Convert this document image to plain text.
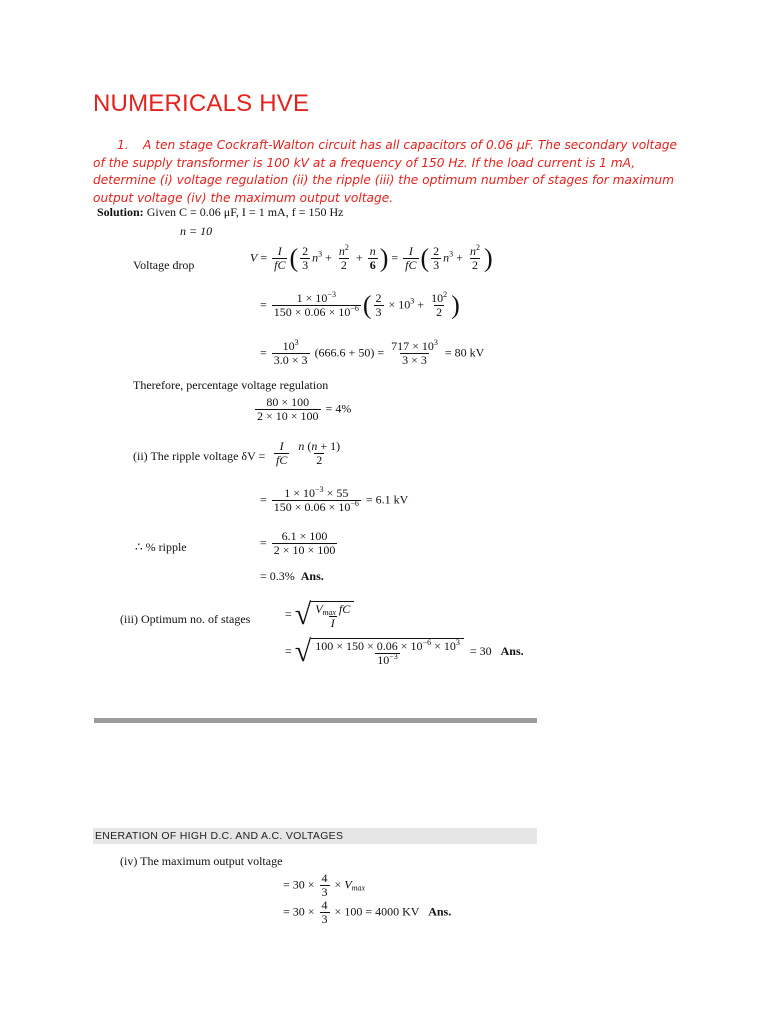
NUMERICALS HVE
1. A ten stage Cockraft-Walton circuit has all capacitors of 0.06 μF. The secondary voltage
of the supply transformer is 100 kV at a frequency of 150 Hz. If the load current is 1 mA, determine (i) voltage regulation (ii) the ripple (iii) the optimum number of stages for maximum output voltage (iv) the maximum output voltage.
Solution: Given C = 0.06 μF, I = 1 mA, f = 150 Hz
n = 10
Voltage drop
$V = \frac{I}{fC}$ ( $\frac{2}{3} n^3 + \frac{n^2}{2} + \frac{n}{6}$ ) = $\frac{I}{fC}$ ( $\frac{2}{3} n^3 + \frac{n^2}{2}$ )
= $\frac{1 \times 10^{-3}}{150 \times 0.06 \times 10^{-6}}$ ( $\frac{2}{3} \times 10^3 + \frac{10^2}{2}$ )
= $\frac{10^3}{3.0 \times 3} (666.6 + 50) = \frac{717 \times 10^3}{3 \times 3} = 80$ kV
Therefore, percentage voltage regulation
$\frac{80 \times 100}{2 \times 10 \times 100} = 4\%$
(ii) The ripple voltage $\delta V = \frac{I}{fC}$
$\frac{n (n + 1)}{2}$
= $\frac{1 \times 10^{-3} \times 55}{150 \times 0.06 \times 10^{-6}} = 6.1$ kV
∴ % ripple	= $\frac{6.1 \times 100}{2 \times 10 \times 100}$
= 0.3% Ans.
(iii) Optimum no. of stages	= √ $\frac{V_{max} fC}{I}$
= √ $\frac{100 \times 150 \times 0.06 \times 10^{-6} \times 10^3}{10^{-3}} = 30$   Ans.
ENERATION OF HIGH D.C. AND A.C. VOLTAGES
(iv) The maximum output voltage
= $30 \times \frac{4}{3} \times V_{max}$
= $30 \times \frac{4}{3} \times 100 = 4000$ KV Ans.
